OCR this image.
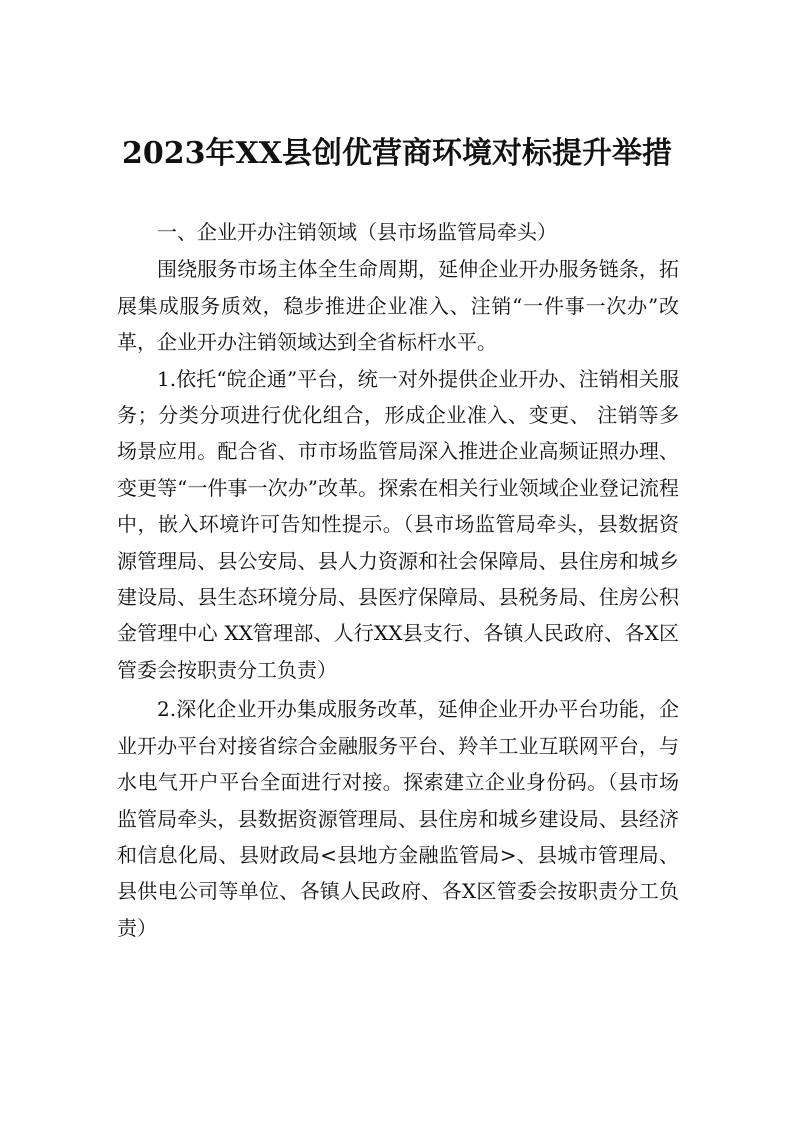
2023年XX县创优营商环境对标提升举措

一、企业开办注销领域（县市场监管局牵头）

围绕服务市场主体全生命周期，延伸企业开办服务链条，拓展集成服务质效，稳步推进企业准入、注销“一件事一次办”改革，企业开办注销领域达到全省标杆水平。

1.依托“皖企通”平台，统一对外提供企业开办、注销相关服务；分类分项进行优化组合，形成企业准入、变更、 注销等多场景应用。配合省、市市场监管局深入推进企业高频证照办理、变更等“一件事一次办”改革。探索在相关行业领域企业登记流程中，嵌入环境许可告知性提示。（县市场监管局牵头，县数据资源管理局、县公安局、县人力资源和社会保障局、县住房和城乡建设局、县生态环境分局、县医疗保障局、县税务局、住房公积金管理中心 XX管理部、人行XX县支行、各镇人民政府、各X区管委会按职责分工负责）

2.深化企业开办集成服务改革，延伸企业开办平台功能，企业开办平台对接省综合金融服务平台、羚羊工业互联网平台，与水电气开户平台全面进行对接。探索建立企业身份码。（县市场监管局牵头，县数据资源管理局、县住房和城乡建设局、县经济和信息化局、县财政局<县地方金融监管局>、县城市管理局、县供电公司等单位、各镇人民政府、各X区管委会按职责分工负责）
